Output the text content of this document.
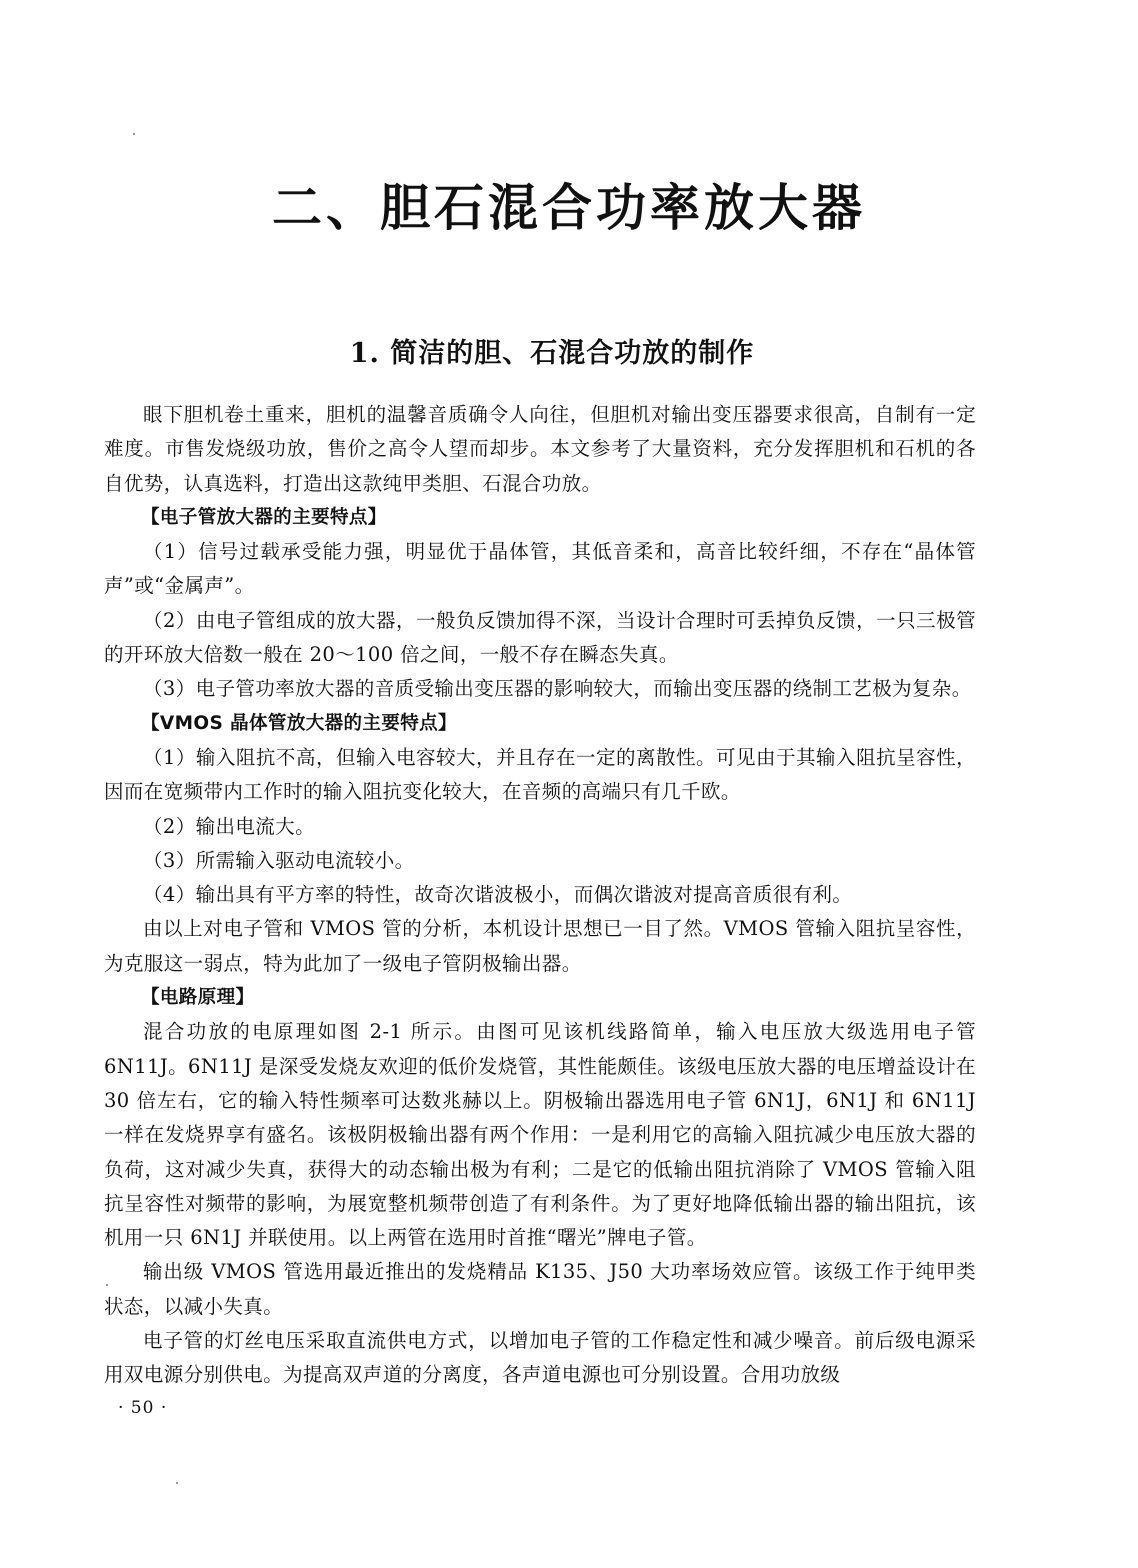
二、胆石混合功率放大器
1. 简洁的胆、石混合功放的制作

眼下胆机卷土重来，胆机的温馨音质确令人向往，但胆机对输出变压器要求很高，自制有一定难度。市售发烧级功放，售价之高令人望而却步。本文参考了大量资料，充分发挥胆机和石机的各自优势，认真选料，打造出这款纯甲类胆、石混合功放。

【电子管放大器的主要特点】

（1）信号过载承受能力强，明显优于晶体管，其低音柔和，高音比较纤细，不存在“晶体管声”或“金属声”。

（2）由电子管组成的放大器，一般负反馈加得不深，当设计合理时可丢掉负反馈，一只三极管的开环放大倍数一般在 20～100 倍之间，一般不存在瞬态失真。

（3）电子管功率放大器的音质受输出变压器的影响较大，而输出变压器的绕制工艺极为复杂。

【VMOS 晶体管放大器的主要特点】

（1）输入阻抗不高，但输入电容较大，并且存在一定的离散性。可见由于其输入阻抗呈容性，因而在宽频带内工作时的输入阻抗变化较大，在音频的高端只有几千欧。

（2）输出电流大。

（3）所需输入驱动电流较小。

（4）输出具有平方率的特性，故奇次谐波极小，而偶次谐波对提高音质很有利。

由以上对电子管和 VMOS 管的分析，本机设计思想已一目了然。VMOS 管输入阻抗呈容性，为克服这一弱点，特为此加了一级电子管阴极输出器。

【电路原理】

混合功放的电原理如图 2-1 所示。由图可见该机线路简单，输入电压放大级选用电子管 6N11J。6N11J 是深受发烧友欢迎的低价发烧管，其性能颇佳。该级电压放大器的电压增益设计在 30 倍左右，它的输入特性频率可达数兆赫以上。阴极输出器选用电子管 6N1J，6N1J 和 6N11J 一样在发烧界享有盛名。该极阴极输出器有两个作用：一是利用它的高输入阻抗减少电压放大器的负荷，这对减少失真，获得大的动态输出极为有利；二是它的低输出阻抗消除了 VMOS 管输入阻抗呈容性对频带的影响，为展宽整机频带创造了有利条件。为了更好地降低输出器的输出阻抗，该机用一只 6N1J 并联使用。以上两管在选用时首推“曙光”牌电子管。

输出级 VMOS 管选用最近推出的发烧精品 K135、J50 大功率场效应管。该级工作于纯甲类状态，以减小失真。

电子管的灯丝电压采取直流供电方式，以增加电子管的工作稳定性和减少噪音。前后级电源采用双电源分别供电。为提高双声道的分离度，各声道电源也可分别设置。合用功放级

· 50 ·
